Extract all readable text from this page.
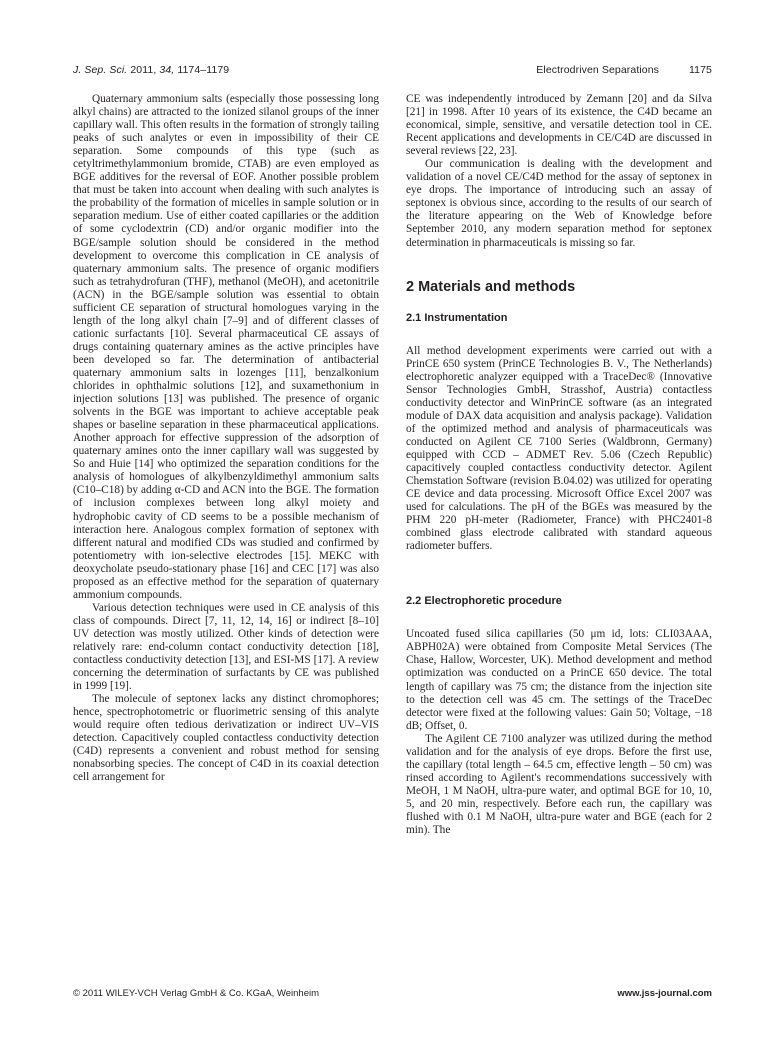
J. Sep. Sci. 2011, 34, 1174–1179	Electrodriven Separations	1175

Quaternary ammonium salts (especially those possessing long alkyl chains) are attracted to the ionized silanol groups of the inner capillary wall. This often results in the formation of strongly tailing peaks of such analytes or even in impossibility of their CE separation. Some compounds of this type (such as cetyltrimethylammonium bromide, CTAB) are even employed as BGE additives for the reversal of EOF. Another possible problem that must be taken into account when dealing with such analytes is the probability of the formation of micelles in sample solution or in separation medium. Use of either coated capillaries or the addition of some cyclodextrin (CD) and/or organic modifier into the BGE/sample solution should be considered in the method development to overcome this complication in CE analysis of quaternary ammonium salts. The presence of organic modifiers such as tetrahydrofuran (THF), methanol (MeOH), and acetonitrile (ACN) in the BGE/sample solution was essential to obtain sufficient CE separation of structural homologues varying in the length of the long alkyl chain [7–9] and of different classes of cationic surfactants [10]. Several pharmaceutical CE assays of drugs containing quaternary amines as the active principles have been developed so far. The determination of antibacterial quaternary ammonium salts in lozenges [11], benzalkonium chlorides in ophthalmic solutions [12], and suxamethonium in injection solutions [13] was published. The presence of organic solvents in the BGE was important to achieve acceptable peak shapes or baseline separation in these pharmaceutical applications. Another approach for effective suppression of the adsorption of quaternary amines onto the inner capillary wall was suggested by So and Huie [14] who optimized the separation conditions for the analysis of homologues of alkylbenzyldimethyl ammonium salts (C10–C18) by adding α-CD and ACN into the BGE. The formation of inclusion complexes between long alkyl moiety and hydrophobic cavity of CD seems to be a possible mechanism of interaction here. Analogous complex formation of septonex with different natural and modified CDs was studied and confirmed by potentiometry with ion-selective electrodes [15]. MEKC with deoxycholate pseudo-stationary phase [16] and CEC [17] was also proposed as an effective method for the separation of quaternary ammonium compounds.

Various detection techniques were used in CE analysis of this class of compounds. Direct [7, 11, 12, 14, 16] or indirect [8–10] UV detection was mostly utilized. Other kinds of detection were relatively rare: end-column contact conductivity detection [18], contactless conductivity detection [13], and ESI-MS [17]. A review concerning the determination of surfactants by CE was published in 1999 [19].

The molecule of septonex lacks any distinct chromophores; hence, spectrophotometric or fluorimetric sensing of this analyte would require often tedious derivatization or indirect UV–VIS detection. Capacitively coupled contactless conductivity detection (C4D) represents a convenient and robust method for sensing nonabsorbing species. The concept of C4D in its coaxial detection cell arrangement for

CE was independently introduced by Zemann [20] and da Silva [21] in 1998. After 10 years of its existence, the C4D became an economical, simple, sensitive, and versatile detection tool in CE. Recent applications and developments in CE/C4D are discussed in several reviews [22, 23].

Our communication is dealing with the development and validation of a novel CE/C4D method for the assay of septonex in eye drops. The importance of introducing such an assay of septonex is obvious since, according to the results of our search of the literature appearing on the Web of Knowledge before September 2010, any modern separation method for septonex determination in pharmaceuticals is missing so far.

2 Materials and methods
2.1 Instrumentation

All method development experiments were carried out with a PrinCE 650 system (PrinCE Technologies B. V., The Netherlands) electrophoretic analyzer equipped with a TraceDec® (Innovative Sensor Technologies GmbH, Strasshof, Austria) contactless conductivity detector and WinPrinCE software (as an integrated module of DAX data acquisition and analysis package). Validation of the optimized method and analysis of pharmaceuticals was conducted on Agilent CE 7100 Series (Waldbronn, Germany) equipped with CCD – ADMET Rev. 5.06 (Czech Republic) capacitively coupled contactless conductivity detector. Agilent Chemstation Software (revision B.04.02) was utilized for operating CE device and data processing. Microsoft Office Excel 2007 was used for calculations. The pH of the BGEs was measured by the PHM 220 pH-meter (Radiometer, France) with PHC2401-8 combined glass electrode calibrated with standard aqueous radiometer buffers.

2.2 Electrophoretic procedure

Uncoated fused silica capillaries (50 μm id, lots: CLI03AAA, ABPH02A) were obtained from Composite Metal Services (The Chase, Hallow, Worcester, UK). Method development and method optimization was conducted on a PrinCE 650 device. The total length of capillary was 75 cm; the distance from the injection site to the detection cell was 45 cm. The settings of the TraceDec detector were fixed at the following values: Gain 50; Voltage, −18 dB; Offset, 0.

The Agilent CE 7100 analyzer was utilized during the method validation and for the analysis of eye drops. Before the first use, the capillary (total length – 64.5 cm, effective length – 50 cm) was rinsed according to Agilent's recommendations successively with MeOH, 1 M NaOH, ultra-pure water, and optimal BGE for 10, 10, 5, and 20 min, respectively. Before each run, the capillary was flushed with 0.1 M NaOH, ultra-pure water and BGE (each for 2 min). The

© 2011 WILEY-VCH Verlag GmbH & Co. KGaA, Weinheim	www.jss-journal.com
